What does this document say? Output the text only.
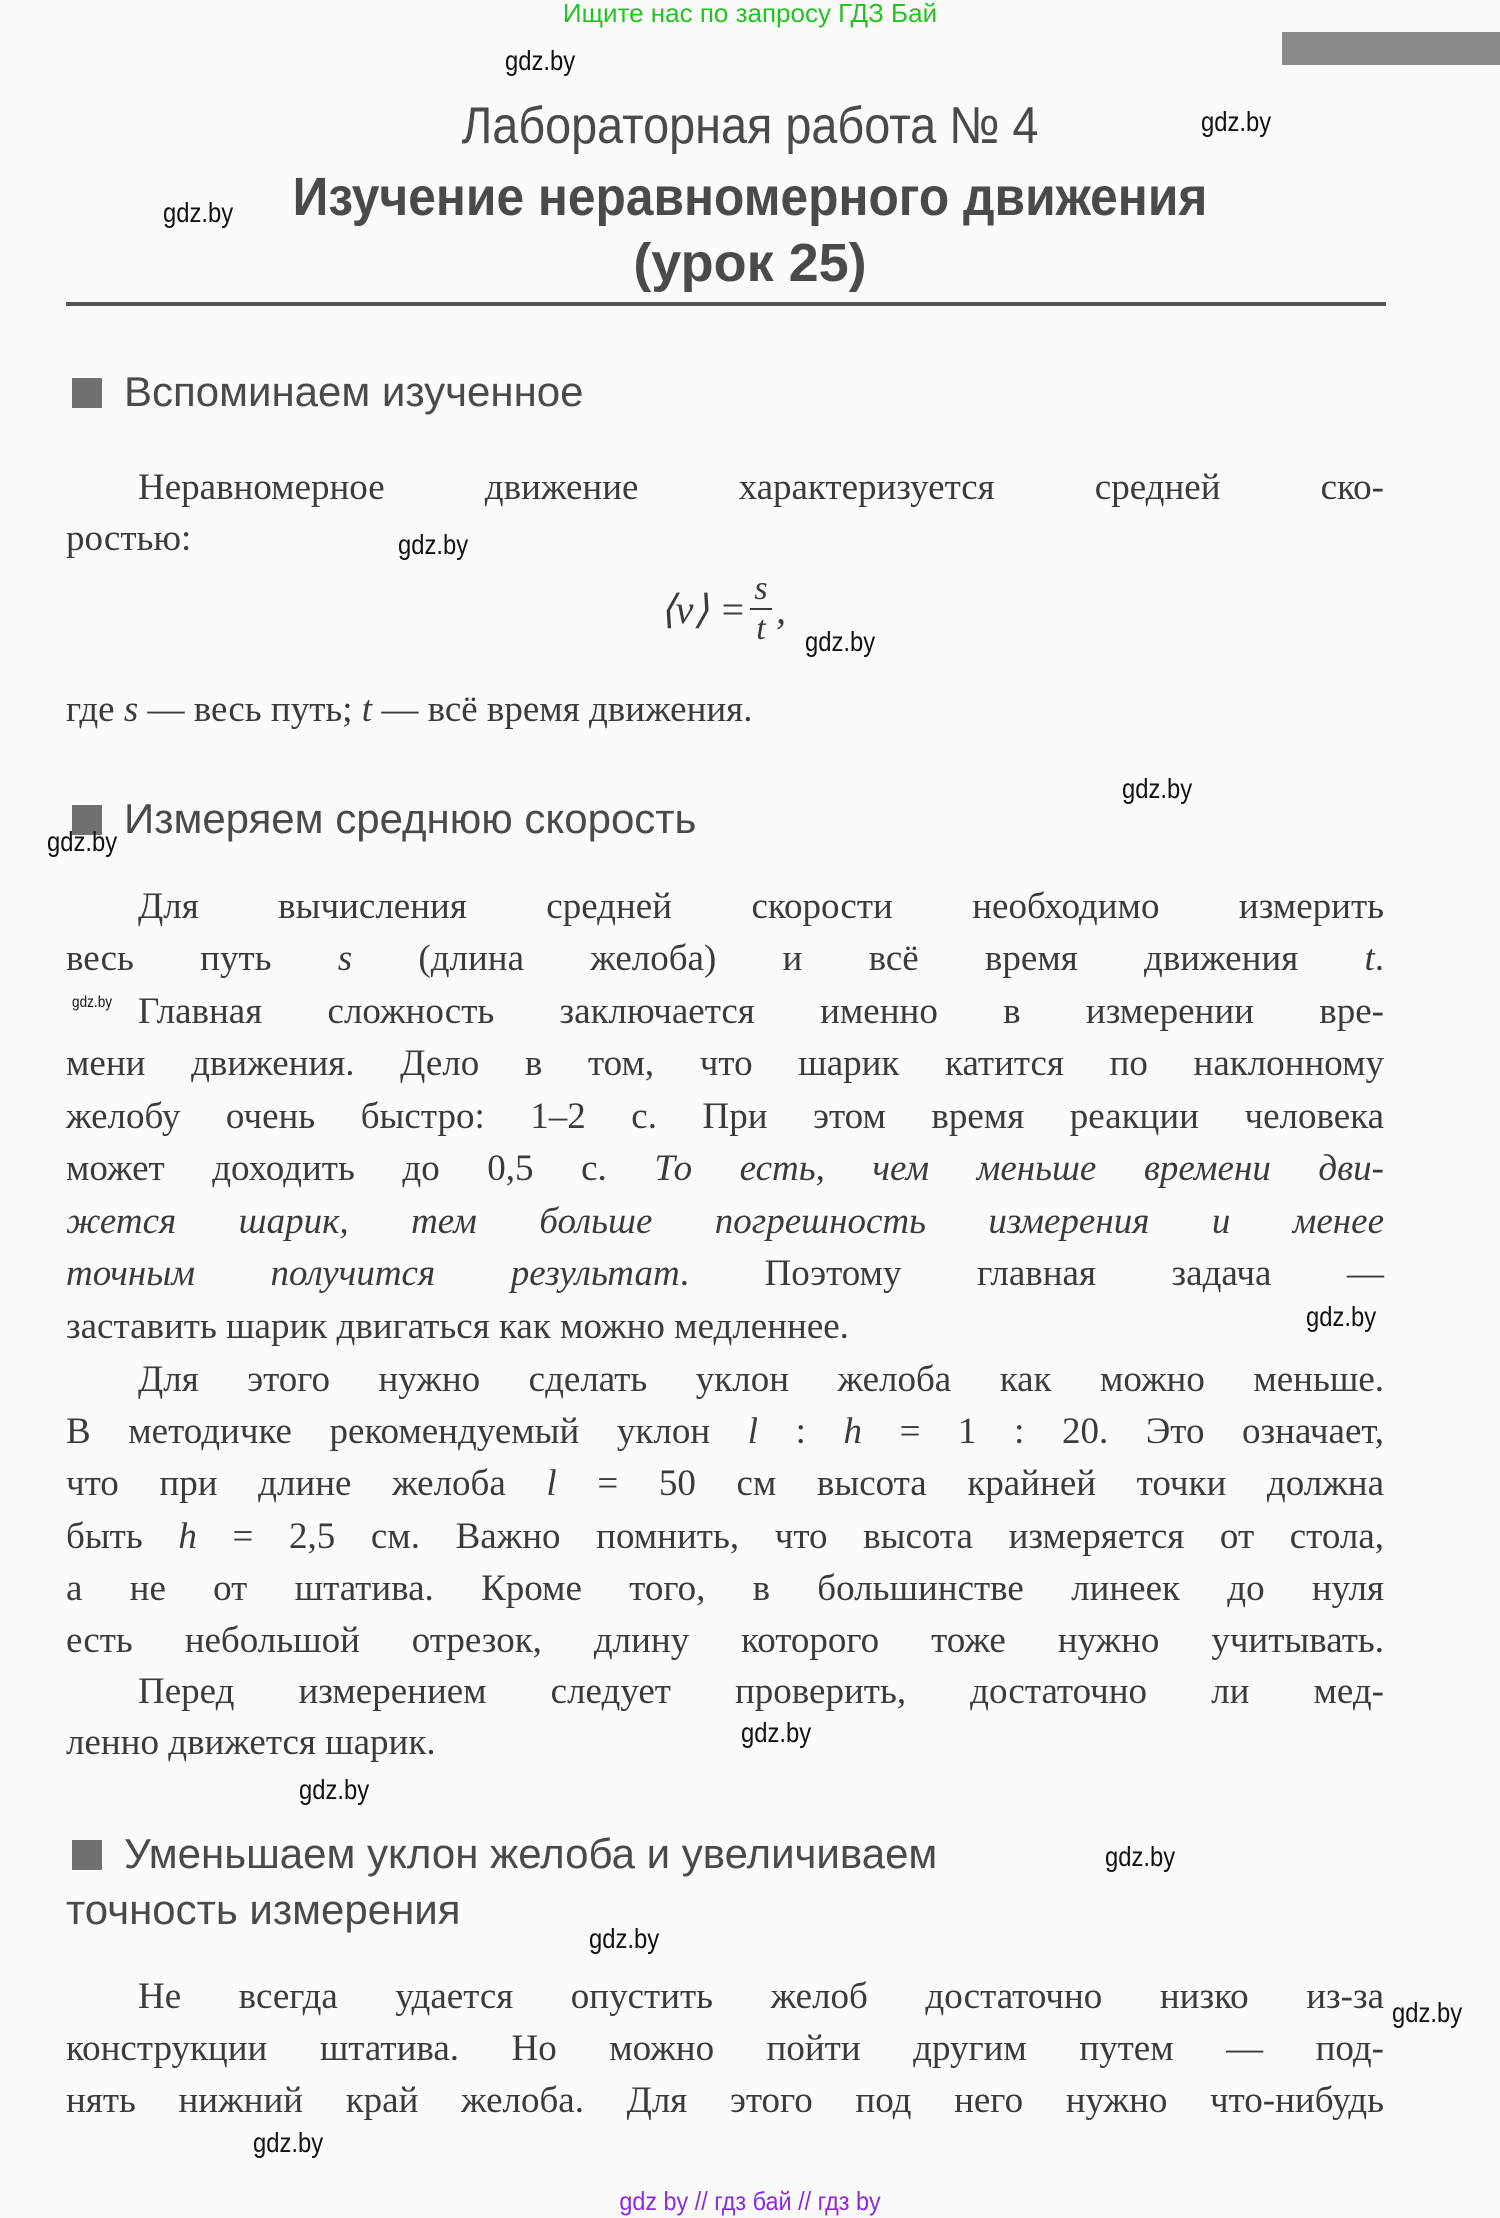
Ищите нас по запросу ГДЗ Бай
Лабораторная работа № 4
Изучение неравномерного движения
(урок 25)
Вспоминаем изученное
Измеряем среднюю скорость
Уменьшаем уклон желоба и увеличиваем
точность измерения
⟨v⟩ = $\frac{s}{t}$ ,
Неравномерное движение характеризуется средней ско-
ростью:
где s — весь путь; t — всё время движения.
Для вычисления средней скорости необходимо измерить
весь путь s (длина желоба) и всё время движения t.
Главная сложность заключается именно в измерении вре-
мени движения. Дело в том, что шарик катится по наклонному
желобу очень быстро: 1–2 с. При этом время реакции человека
может доходить до 0,5 с. То есть, чем меньше времени дви-
жется шарик, тем больше погрешность измерения и менее
точным получится результат. Поэтому главная задача —
заставить шарик двигаться как можно медленнее.
Для этого нужно сделать уклон желоба как можно меньше.
В методичке рекомендуемый уклон l : h = 1 : 20. Это означает,
что при длине желоба l = 50 см высота крайней точки должна
быть h = 2,5 см. Важно помнить, что высота измеряется от стола,
а не от штатива. Кроме того, в большинстве линеек до нуля
есть небольшой отрезок, длину которого тоже нужно учитывать.
Перед измерением следует проверить, достаточно ли мед-
ленно движется шарик.
Не всегда удается опустить желоб достаточно низко из-за
конструкции штатива. Но можно пойти другим путем — под-
нять нижний край желоба. Для этого под него нужно что-нибудь
gdz.by
gdz.by
gdz.by
gdz.by
gdz.by
gdz.by
gdz.by
gdz.by
gdz.by
gdz.by
gdz.by
gdz.by
gdz.by
gdz.by
gdz.by
gdz by // гдз бай // гдз by
